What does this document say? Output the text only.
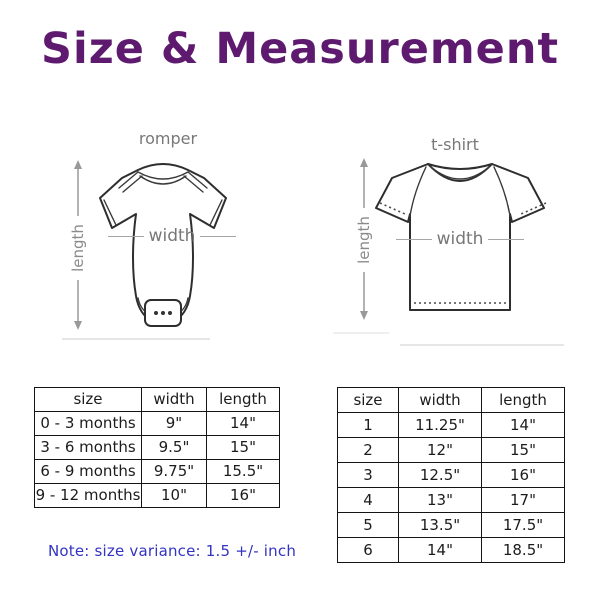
Size & Measurement
romper
length	width
t-shirt
length	width
size	width	length
0 - 3 months	9"	14"
3 - 6 months	9.5"	15"
6 - 9 months	9.75"	15.5"
9 - 12 months	10"	16"
size	width	length
1	11.25"	14"
2	12"	15"
3	12.5"	16"
4	13"	17"
5	13.5"	17.5"
6	14"	18.5"
Note: size variance: 1.5 +/- inch
